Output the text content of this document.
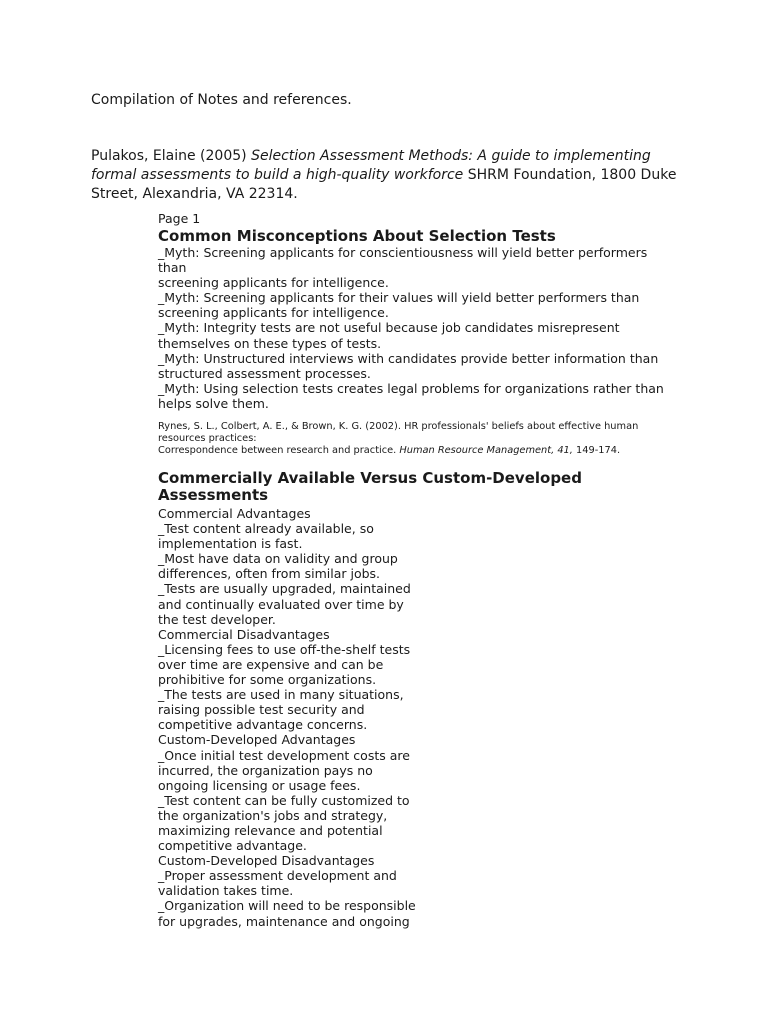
Compilation of Notes and references.

Pulakos, Elaine (2005) Selection Assessment Methods: A guide to implementing formal assessments to build a high-quality workforce SHRM Foundation, 1800 Duke Street, Alexandria, VA 22314.

Page 1
Common Misconceptions About Selection Tests

_Myth: Screening applicants for conscientiousness will yield better performers than

screening applicants for intelligence.

_Myth: Screening applicants for their values will yield better performers than

screening applicants for intelligence.

_Myth: Integrity tests are not useful because job candidates misrepresent

themselves on these types of tests.

_Myth: Unstructured interviews with candidates provide better information than

structured assessment processes.

_Myth: Using selection tests creates legal problems for organizations rather than

helps solve them.

Rynes, S. L., Colbert, A. E., & Brown, K. G. (2002). HR professionals' beliefs about effective human resources practices:
Correspondence between research and practice. Human Resource Management, 41, 149-174.
Commercially Available Versus Custom-Developed Assessments

Commercial Advantages

_Test content already available, so

implementation is fast.

_Most have data on validity and group

differences, often from similar jobs.

_Tests are usually upgraded, maintained

and continually evaluated over time by

the test developer.

Commercial Disadvantages

_Licensing fees to use off-the-shelf tests

over time are expensive and can be

prohibitive for some organizations.

_The tests are used in many situations,

raising possible test security and

competitive advantage concerns.

Custom-Developed Advantages

_Once initial test development costs are

incurred, the organization pays no

ongoing licensing or usage fees.

_Test content can be fully customized to

the organization's jobs and strategy,

maximizing relevance and potential

competitive advantage.

Custom-Developed Disadvantages

_Proper assessment development and

validation takes time.

_Organization will need to be responsible

for upgrades, maintenance and ongoing
